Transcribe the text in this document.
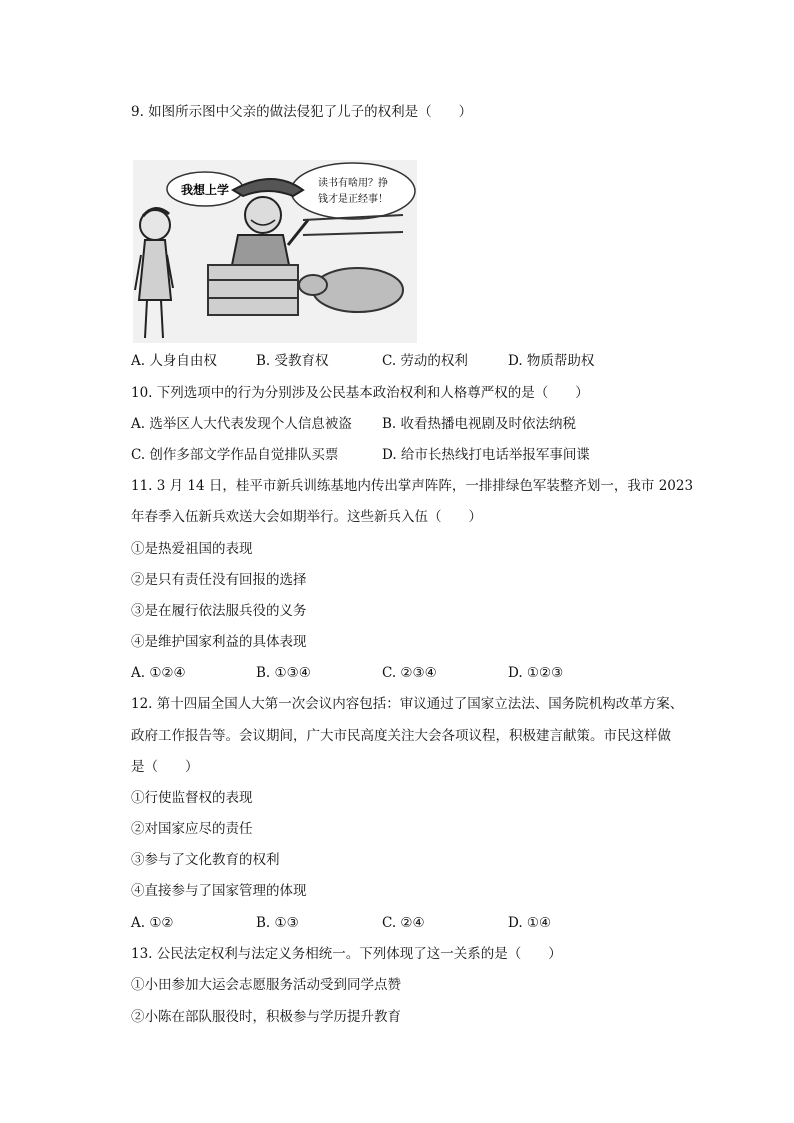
9. 如图所示图中父亲的做法侵犯了儿子的权利是（　　）
我想上学	读书有啥用？挣
钱才是正经事！
A. 人身自由权	B. 受教育权	C. 劳动的权利	D. 物质帮助权
10. 下列选项中的行为分别涉及公民基本政治权利和人格尊严权的是（　　）
A. 选举区人大代表发现个人信息被盗 B. 收看热播电视剧及时依法纳税
C. 创作多部文学作品自觉排队买票	D. 给市长热线打电话举报军事间谍
11. 3 月 14 日，桂平市新兵训练基地内传出掌声阵阵，一排排绿色军装整齐划一，我市 2023
年春季入伍新兵欢送大会如期举行。这些新兵入伍（　　）
①是热爱祖国的表现
②是只有责任没有回报的选择
③是在履行依法服兵役的义务
④是维护国家利益的具体表现
A. ①②④	B. ①③④	C. ②③④	D. ①②③
12. 第十四届全国人大第一次会议内容包括：审议通过了国家立法法、国务院机构改革方案、
政府工作报告等。会议期间，广大市民高度关注大会各项议程，积极建言献策。市民这样做
是（　　）
①行使监督权的表现
②对国家应尽的责任
③参与了文化教育的权利
④直接参与了国家管理的体现
A. ①②	B. ①③	C. ②④	D. ①④
13. 公民法定权利与法定义务相统一。下列体现了这一关系的是（　　）
①小田参加大运会志愿服务活动受到同学点赞
②小陈在部队服役时，积极参与学历提升教育
